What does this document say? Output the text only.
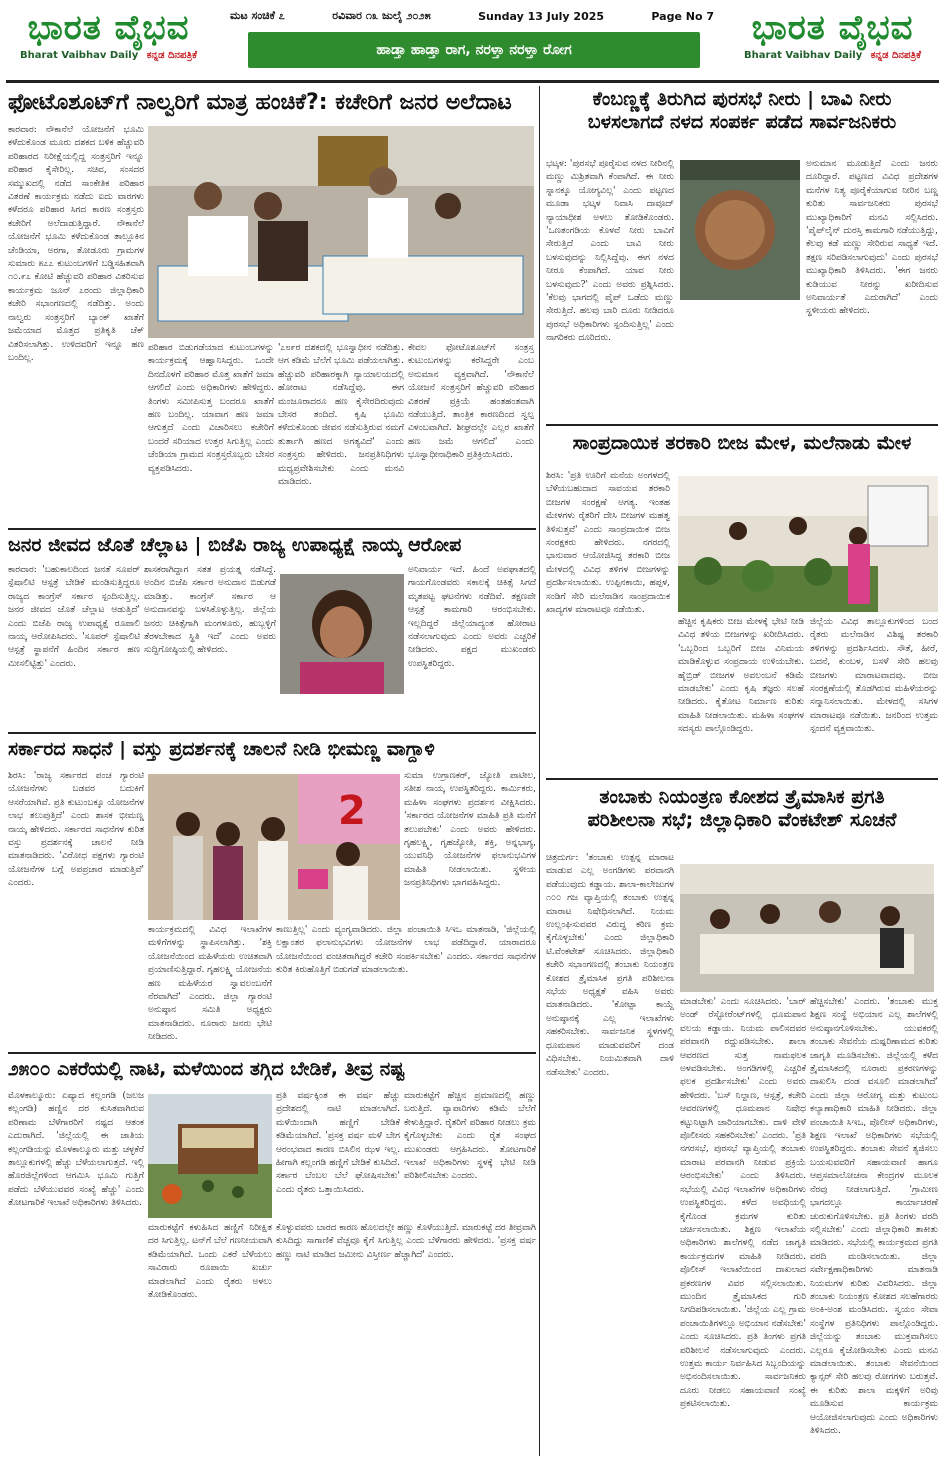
ಭಾರತ ವೈಭವ
Bharat Vaibhav Daily ಕನ್ನಡ ದಿನಪತ್ರಿಕೆ
ಮಟ ಸಂಚಿಕೆ ೭	ರವಿವಾರ ೧೩ ಜುಲೈ ೨೦೨೫	Sunday 13 July 2025	Page No 7
ಹಾಡ್ತಾ ಹಾಡ್ತಾ ರಾಗ, ನರಳ್ತಾ ನರಳ್ತಾ ರೋಗ
ಭಾರತ ವೈಭವ
Bharat Vaibhav Daily ಕನ್ನಡ ದಿನಪತ್ರಿಕೆ
ಫೋಟೊಶೂಟ್‌ಗೆ ನಾಲ್ವರಿಗೆ ಮಾತ್ರ ಹಂಚಿಕೆ?: ಕಚೇರಿಗೆ ಜನರ ಅಲೆದಾಟ
ಕಾರವಾರ: ನೌಕಾನೆಲೆ ಯೋಜನೆಗೆ ಭೂಮಿ ಕಳೆದುಕೊಂಡ ಮೂರು ದಶಕದ ಬಳಿಕ ಹೆಚ್ಚುವರಿ ಪರಿಹಾರದ ನಿರೀಕ್ಷೆಯಲ್ಲಿದ್ದ ಸಂತ್ರಸ್ತರಿಗೆ ಇನ್ನೂ ಪರಿಹಾರ ಕೈಸೇರಿಲ್ಲ. ಸಚಿವ, ಸಂಸದರ ಸಮ್ಮುಖದಲ್ಲಿ ನಡೆದ ಸಾಂಕೇತಿಕ ಪರಿಹಾರ ವಿತರಣೆ ಕಾರ್ಯಕ್ರಮ ನಡೆದು ಐದು ವಾರಗಳು ಕಳೆದರೂ ಪರಿಹಾರ ಸಿಗದ ಕಾರಣ ಸಂತ್ರಸ್ತರು ಕಚೇರಿಗೆ ಅಲೆದಾಡುತ್ತಿದ್ದಾರೆ. ನೌಕಾನೆಲೆ ಯೋಜನೆಗೆ ಭೂಮಿ ಕಳೆದುಕೊಂಡ ತಾಲ್ಲೂಕಿನ ಚೆಂಡಿಯಾ, ಅರಗಾ, ತೋಡೂರು ಗ್ರಾಮಗಳ ಸುಮಾರು ೫೭೭ ಕುಟುಂಬಗಳಿಗೆ ಬಡ್ಡಿಸಹಿತವಾಗಿ ೧೦.೯೭ ಕೋಟಿ ಹೆಚ್ಚುವರಿ ಪರಿಹಾರ ವಿತರಿಸುವ ಕಾರ್ಯಕ್ರಮ ಜೂನ್ ೭ರಂದು ಜಿಲ್ಲಾಧಿಕಾರಿ ಕಚೇರಿ ಸಭಾಂಗಣದಲ್ಲಿ ನಡೆದಿತ್ತು. ಅಂದು ನಾಲ್ವರು ಸಂತ್ರಸ್ತರಿಗೆ ಬ್ಯಾಂಕ್ ಖಾತೆಗೆ ಜಮೆಯಾದ ಮೊತ್ತದ ಪ್ರತಿಕೃತಿ ಚೆಕ್ ವಿತರಿಸಲಾಗಿತ್ತು. ಉಳಿದವರಿಗೆ ಇನ್ನೂ ಹಣ ಬಂದಿಲ್ಲ.
ಪರಿಹಾರ ಬಿಡುಗಡೆಯಾದ ಕುಟುಂಬಗಳನ್ನು ಕಾರ್ಯಕ್ರಮಕ್ಕೆ ಆಹ್ವಾನಿಸಿದ್ದರು. ಒಂದೇ ದಿನದೊಳಗೆ ಪರಿಹಾರ ಮೊತ್ತ ಖಾತೆಗೆ ಜಮಾ ಆಗಲಿದೆ ಎಂದು ಅಧಿಕಾರಿಗಳು ಹೇಳಿದ್ದರು. ತಿಂಗಳು ಸಮೀಪಿಸುತ್ತ ಬಂದರೂ ಖಾತೆಗೆ ಹಣ ಬಂದಿಲ್ಲ. ಯಾವಾಗ ಹಣ ಜಮಾ ಆಗುತ್ತದೆ ಎಂದು ವಿಚಾರಿಸಲು ಕಚೇರಿಗೆ ಬಂದರೆ ಸರಿಯಾದ ಉತ್ತರ ಸಿಗುತ್ತಿಲ್ಲ ಎಂದು ಚೆಂಡಿಯಾ ಗ್ರಾಮದ ಸಂತ್ರಸ್ತರೊಬ್ಬರು ಬೇಸರ ವ್ಯಕ್ತಪಡಿಸಿದರು.
'೭೮೯ರ ದಶಕದಲ್ಲಿ ಭೂಸ್ವಾಧೀನ ನಡೆದಿತ್ತು. ಆಗ ಕಡಿಮೆ ಬೆಲೆಗೆ ಭೂಮಿ ಪಡೆಯಲಾಗಿತ್ತು. ಹೆಚ್ಚುವರಿ ಪರಿಹಾರಕ್ಕಾಗಿ ನ್ಯಾಯಾಲಯದಲ್ಲಿ ಹೋರಾಟ ನಡೆಸಿದ್ದೆವು. ಈಗ ಮಂಜೂರಾದರೂ ಹಣ ಕೈಸೇರದಿರುವುದು ಬೇಸರ ತಂದಿದೆ. ಕೃಷಿ ಭೂಮಿ ಕಳೆದುಕೊಂಡು ಜೀವನ ನಡೆಸುತ್ತಿರುವ ನಮಗೆ ತುರ್ತಾಗಿ ಹಣದ ಅಗತ್ಯವಿದೆ' ಎಂದು ಸಂತ್ರಸ್ತರು ಹೇಳಿದರು. ಜನಪ್ರತಿನಿಧಿಗಳು ಮಧ್ಯಪ್ರವೇಶಿಸಬೇಕು ಎಂದು ಮನವಿ ಮಾಡಿದರು.
ಕೇವಲ ಫೋಟೊಶೂಟ್‌ಗೆ ಸಂತ್ರಸ್ತ ಕುಟುಂಬಗಳನ್ನು ಕರೆಸಿದ್ದರೇ ಎಂಬ ಅನುಮಾನ ವ್ಯಕ್ತವಾಗಿದೆ. 'ನೌಕಾನೆಲೆ ಯೋಜನೆ ಸಂತ್ರಸ್ತರಿಗೆ ಹೆಚ್ಚುವರಿ ಪರಿಹಾರ ವಿತರಣೆ ಪ್ರಕ್ರಿಯೆ ಹಂತಹಂತವಾಗಿ ನಡೆಯುತ್ತಿದೆ. ತಾಂತ್ರಿಕ ಕಾರಣದಿಂದ ಸ್ವಲ್ಪ ವಿಳಂಬವಾಗಿದೆ. ಶೀಘ್ರದಲ್ಲೇ ಎಲ್ಲರ ಖಾತೆಗೆ ಹಣ ಜಮೆ ಆಗಲಿದೆ' ಎಂದು ಭೂಸ್ವಾಧೀನಾಧಿಕಾರಿ ಪ್ರತಿಕ್ರಿಯಿಸಿದರು.
ಜನರ ಜೀವದ ಜೊತೆ ಚೆಲ್ಲಾಟ | ಬಿಜೆಪಿ ರಾಜ್ಯ ಉಪಾಧ್ಯಕ್ಷೆ ನಾಯ್ಕ ಆರೋಪ
ಕಾರವಾರ: 'ಬಹುಕಾಲದಿಂದ ಜನತೆ ಸೂಪರ್ ಸ್ಪೆಷಾಲಿಟಿ ಆಸ್ಪತ್ರೆ ಬೇಡಿಕೆ ಮಂಡಿಸುತ್ತಿದ್ದರೂ ರಾಜ್ಯದ ಕಾಂಗ್ರೆಸ್ ಸರ್ಕಾರ ಸ್ಪಂದಿಸುತ್ತಿಲ್ಲ. ಜನರ ಜೀವದ ಜೊತೆ ಚೆಲ್ಲಾಟ ಆಡುತ್ತಿದೆ' ಎಂದು ಬಿಜೆಪಿ ರಾಜ್ಯ ಉಪಾಧ್ಯಕ್ಷೆ ರೂಪಾಲಿ ನಾಯ್ಕ ಆರೋಪಿಸಿದರು. 'ಸೂಪರ್ ಸ್ಪೆಷಾಲಿಟಿ ಆಸ್ಪತ್ರೆ ಸ್ಥಾಪನೆಗೆ ಹಿಂದಿನ ಸರ್ಕಾರ ಹಣ ಮೀಸಲಿಟ್ಟಿತ್ತು' ಎಂದರು.
ಶಾಸಕರಾಗಿದ್ದಾಗ ಸತತ ಪ್ರಯತ್ನ ನಡೆಸಿದ್ದೆ. ಅಂದಿನ ಬಿಜೆಪಿ ಸರ್ಕಾರ ಅನುದಾನ ಬಿಡುಗಡೆ ಮಾಡಿತ್ತು. ಕಾಂಗ್ರೆಸ್ ಸರ್ಕಾರ ಆ ಅನುದಾನವನ್ನು ಬಳಸಿಕೊಳ್ಳುತ್ತಿಲ್ಲ. ಜಿಲ್ಲೆಯ ಜನರು ಚಿಕಿತ್ಸೆಗಾಗಿ ಮಂಗಳೂರು, ಹುಬ್ಬಳ್ಳಿಗೆ ತೆರಳಬೇಕಾದ ಸ್ಥಿತಿ ಇದೆ' ಎಂದು ಅವರು ಸುದ್ದಿಗೋಷ್ಠಿಯಲ್ಲಿ ಹೇಳಿದರು.
ಅನಿವಾರ್ಯ ಇದೆ. ಹಿಂದೆ ಅಪಘಾತದಲ್ಲಿ ಗಾಯಗೊಂಡವರು ಸಕಾಲಕ್ಕೆ ಚಿಕಿತ್ಸೆ ಸಿಗದೆ ಮೃತಪಟ್ಟ ಘಟನೆಗಳು ನಡೆದಿವೆ. ತಕ್ಷಣವೇ ಆಸ್ಪತ್ರೆ ಕಾಮಗಾರಿ ಆರಂಭಿಸಬೇಕು. ಇಲ್ಲದಿದ್ದರೆ ಜಿಲ್ಲೆಯಾದ್ಯಂತ ಹೋರಾಟ ನಡೆಸಲಾಗುವುದು ಎಂದು ಅವರು ಎಚ್ಚರಿಕೆ ನೀಡಿದರು. ಪಕ್ಷದ ಮುಖಂಡರು ಉಪಸ್ಥಿತರಿದ್ದರು.
ಸರ್ಕಾರದ ಸಾಧನೆ | ವಸ್ತು ಪ್ರದರ್ಶನಕ್ಕೆ ಚಾಲನೆ ನೀಡಿ ಭೀಮಣ್ಣ ವಾಗ್ದಾಳಿ
ಶಿರಸಿ: 'ರಾಜ್ಯ ಸರ್ಕಾರದ ಪಂಚ ಗ್ಯಾರಂಟಿ ಯೋಜನೆಗಳು ಬಡವರ ಬದುಕಿಗೆ ಆಸರೆಯಾಗಿವೆ. ಪ್ರತಿ ಕುಟುಂಬಕ್ಕೂ ಯೋಜನೆಗಳ ಲಾಭ ತಲುಪುತ್ತಿದೆ' ಎಂದು ಶಾಸಕ ಭೀಮಣ್ಣ ನಾಯ್ಕ ಹೇಳಿದರು. ಸರ್ಕಾರದ ಸಾಧನೆಗಳ ಕುರಿತ ವಸ್ತು ಪ್ರದರ್ಶನಕ್ಕೆ ಚಾಲನೆ ನೀಡಿ ಮಾತನಾಡಿದರು. 'ವಿರೋಧ ಪಕ್ಷಗಳು ಗ್ಯಾರಂಟಿ ಯೋಜನೆಗಳ ಬಗ್ಗೆ ಅಪಪ್ರಚಾರ ಮಾಡುತ್ತಿವೆ' ಎಂದರು.
2
ಸುಮಾ ಉಗ್ರಾಣಕರ್, ಜ್ಯೋತಿ ಪಾಟೀಲ, ಸತೀಶ ನಾಯ್ಕ ಉಪಸ್ಥಿತರಿದ್ದರು. ಕಾರ್ಮಿಕರು, ಮಹಿಳಾ ಸಂಘಗಳು ಪ್ರದರ್ಶನ ವೀಕ್ಷಿಸಿದರು. 'ಸರ್ಕಾರದ ಯೋಜನೆಗಳ ಮಾಹಿತಿ ಪ್ರತಿ ಮನೆಗೆ ತಲುಪಬೇಕು' ಎಂದು ಅವರು ಹೇಳಿದರು. ಗೃಹಲಕ್ಷ್ಮಿ, ಗೃಹಜ್ಯೋತಿ, ಶಕ್ತಿ, ಅನ್ನಭಾಗ್ಯ, ಯುವನಿಧಿ ಯೋಜನೆಗಳ ಫಲಾನುಭವಿಗಳ ಮಾಹಿತಿ ನೀಡಲಾಯಿತು. ಸ್ಥಳೀಯ ಜನಪ್ರತಿನಿಧಿಗಳು ಭಾಗವಹಿಸಿದ್ದರು.
ಕಾರ್ಯಕ್ರಮದಲ್ಲಿ ವಿವಿಧ ಇಲಾಖೆಗಳ ಮಳಿಗೆಗಳನ್ನು ಸ್ಥಾಪಿಸಲಾಗಿತ್ತು. 'ಶಕ್ತಿ ಯೋಜನೆಯಿಂದ ಮಹಿಳೆಯರು ಉಚಿತವಾಗಿ ಪ್ರಯಾಣಿಸುತ್ತಿದ್ದಾರೆ. ಗೃಹಲಕ್ಷ್ಮಿ ಯೋಜನೆಯ ಹಣ ಮಹಿಳೆಯರ ಸ್ವಾವಲಂಬನೆಗೆ ನೆರವಾಗಿದೆ' ಎಂದರು. ಜಿಲ್ಲಾ ಗ್ಯಾರಂಟಿ ಅನುಷ್ಠಾನ ಸಮಿತಿ ಅಧ್ಯಕ್ಷರು ಮಾತನಾಡಿದರು. ನೂರಾರು ಜನರು ಭೇಟಿ ನೀಡಿದರು.
ಕಾಣುತ್ತಿಲ್ಲ' ಎಂದು ವ್ಯಂಗ್ಯವಾಡಿದರು. ಜಿಲ್ಲಾ ಪಂಚಾಯಿತಿ ಸಿಇಒ ಮಾತನಾಡಿ, 'ಜಿಲ್ಲೆಯಲ್ಲಿ ಲಕ್ಷಾಂತರ ಫಲಾನುಭವಿಗಳು ಯೋಜನೆಗಳ ಲಾಭ ಪಡೆದಿದ್ದಾರೆ. ಯಾರಾದರೂ ಯೋಜನೆಯಿಂದ ವಂಚಿತರಾಗಿದ್ದರೆ ಕಚೇರಿ ಸಂಪರ್ಕಿಸಬೇಕು' ಎಂದರು. ಸರ್ಕಾರದ ಸಾಧನೆಗಳ ಕುರಿತ ಕಿರುಹೊತ್ತಿಗೆ ಬಿಡುಗಡೆ ಮಾಡಲಾಯಿತು.
೨೫೦೦ ಎಕರೆಯಲ್ಲಿ ನಾಟಿ, ಮಳೆಯಿಂದ ತಗ್ಗಿದ ಬೇಡಿಕೆ, ತೀವ್ರ ನಷ್ಟ
ಮೊಳಕಾಲ್ಮೂರು: ಏಷ್ಯಾದ ಕಲ್ಲಂಗಡಿ (ಜಲಜ ಕಲ್ಲಂಗಡಿ) ಹಣ್ಣಿನ ದರ ಕುಸಿತವಾಗಿರುವ ಪರಿಣಾಮ ಬೆಳೆಗಾರರಿಗೆ ನಷ್ಟದ ಆತಂಕ ಎದುರಾಗಿದೆ. 'ಜಿಲ್ಲೆಯಲ್ಲಿ ಈ ಜಾತಿಯ ಕಲ್ಲಂಗಡಿಯನ್ನು ಮೊಳಕಾಲ್ಮೂರು ಮತ್ತು ಚಳ್ಳಕೆರೆ ತಾಲ್ಲೂಕುಗಳಲ್ಲಿ ಹೆಚ್ಚು ಬೆಳೆಯಲಾಗುತ್ತದೆ. ಇಲ್ಲಿ ಹೊರಜಿಲ್ಲೆಗಳಿಂದ ಆಗಮಿಸಿ ಭೂಮಿ ಗುತ್ತಿಗೆ ಪಡೆದು ಬೆಳೆಯುವವರ ಸಂಖ್ಯೆ ಹೆಚ್ಚು' ಎಂದು ತೋಟಗಾರಿಕೆ ಇಲಾಖೆ ಅಧಿಕಾರಿಗಳು ತಿಳಿಸಿದರು.
ಪ್ರತಿ ವರ್ಷಕ್ಕಿಂತ ಈ ವರ್ಷ ಹೆಚ್ಚು ಪ್ರದೇಶದಲ್ಲಿ ನಾಟಿ ಮಾಡಲಾಗಿದೆ. ಮಳೆಯಿಂದಾಗಿ ಹಣ್ಣಿಗೆ ಬೇಡಿಕೆ ಕಡಿಮೆಯಾಗಿದೆ. 'ಪ್ರಸಕ್ತ ವರ್ಷ ಮಳೆ ಬೇಗ ಆರಂಭವಾದ ಕಾರಣ ಬಿಸಿಲಿನ ಝಳ ಇಲ್ಲ. ಹೀಗಾಗಿ ಕಲ್ಲಂಗಡಿ ಹಣ್ಣಿಗೆ ಬೇಡಿಕೆ ಕುಸಿದಿದೆ. ಸರ್ಕಾರ ಬೆಂಬಲ ಬೆಲೆ ಘೋಷಿಸಬೇಕು' ಎಂದು ರೈತರು ಒತ್ತಾಯಿಸಿದರು.
ಮಾರುಕಟ್ಟೆಗೆ ಹೆಚ್ಚಿನ ಪ್ರಮಾಣದಲ್ಲಿ ಹಣ್ಣು ಬರುತ್ತಿದೆ. ವ್ಯಾಪಾರಿಗಳು ಕಡಿಮೆ ಬೆಲೆಗೆ ಕೇಳುತ್ತಿದ್ದಾರೆ. ರೈತರಿಗೆ ಪರಿಹಾರ ನೀಡಲು ಕ್ರಮ ಕೈಗೊಳ್ಳಬೇಕು ಎಂದು ರೈತ ಸಂಘದ ಮುಖಂಡರು ಆಗ್ರಹಿಸಿದರು. ತೋಟಗಾರಿಕೆ ಇಲಾಖೆ ಅಧಿಕಾರಿಗಳು ಸ್ಥಳಕ್ಕೆ ಭೇಟಿ ನೀಡಿ ಪರಿಶೀಲಿಸಬೇಕು ಎಂದರು.
ಮಾರುಕಟ್ಟೆಗೆ ಕಳುಹಿಸಿದ ಹಣ್ಣಿಗೆ ನಿರೀಕ್ಷಿತ ದರ ಸಿಗುತ್ತಿಲ್ಲ. ಟನ್‌ಗೆ ಬೆಲೆ ಗಣನೀಯವಾಗಿ ಕಡಿಮೆಯಾಗಿದೆ. ಒಂದು ಎಕರೆ ಬೆಳೆಯಲು ಸಾವಿರಾರು ರೂಪಾಯಿ ಖರ್ಚು ಮಾಡಲಾಗಿದೆ ಎಂದು ರೈತರು ಅಳಲು ತೋಡಿಕೊಂಡರು.
ಕೊಳ್ಳುವವರು ಬಾರದ ಕಾರಣ ಹೊಲದಲ್ಲೇ ಹಣ್ಣು ಕೊಳೆಯುತ್ತಿದೆ. ಮಾರುಕಟ್ಟೆ ದರ ತೀವ್ರವಾಗಿ ಕುಸಿದಿದ್ದು ಸಾಗಾಣಿಕೆ ವೆಚ್ಚವೂ ಕೈಗೆ ಸಿಗುತ್ತಿಲ್ಲ ಎಂದು ಬೆಳೆಗಾರರು ಹೇಳಿದರು. 'ಪ್ರಸಕ್ತ ವರ್ಷ ಹಣ್ಣು ನಾಟಿ ಮಾಡಿದ ಜಮೀನು ವಿಸ್ತೀರ್ಣ ಹೆಚ್ಚಾಗಿದೆ' ಎಂದರು.
ಕೆಂಬಣ್ಣಕ್ಕೆ ತಿರುಗಿದ ಪುರಸಭೆ ನೀರು | ಬಾವಿ ನೀರು
ಬಳಸಲಾಗದೆ ನಳದ ಸಂಪರ್ಕ ಪಡೆದ ಸಾರ್ವಜನಿಕರು
ಭಟ್ಕಳ: 'ಪುರಸಭೆ ಪೂರೈಸುವ ನಳದ ನೀರಿನಲ್ಲಿ ಮಣ್ಣು ಮಿಶ್ರಿತವಾಗಿ ಕೆಂಪಾಗಿದೆ. ಈ ನೀರು ಸ್ನಾನಕ್ಕೂ ಯೋಗ್ಯವಿಲ್ಲ' ಎಂದು ಪಟ್ಟಣದ ಮೂಡಾ ಭಟ್ಕಳ ನಿವಾಸಿ ದಾವೂದ್ ನ್ಯಾಯಾಧೀಶ ಅಳಲು ತೋಡಿಕೊಂಡರು. 'ಒಣತಂಗಡಿಯ ಕೊಳವೆ ನೀರು ಬಾವಿಗೆ ಸೇರುತ್ತಿದೆ ಎಂದು ಬಾವಿ ನೀರು ಬಳಸುವುದನ್ನು ನಿಲ್ಲಿಸಿದ್ದೆವು. ಈಗ ನಳದ ನೀರೂ ಕೆಂಪಾಗಿದೆ. ಯಾವ ನೀರು ಬಳಸುವುದು?' ಎಂದು ಅವರು ಪ್ರಶ್ನಿಸಿದರು. 'ಕೆಲವು ಭಾಗದಲ್ಲಿ ಪೈಪ್ ಒಡೆದು ಮಣ್ಣು ಸೇರುತ್ತಿದೆ. ಹಲವು ಬಾರಿ ದೂರು ನೀಡಿದರೂ ಪುರಸಭೆ ಅಧಿಕಾರಿಗಳು ಸ್ಪಂದಿಸುತ್ತಿಲ್ಲ' ಎಂದು ನಾಗರಿಕರು ದೂರಿದರು.
ಅನುಮಾನ ಮೂಡುತ್ತಿದೆ ಎಂದು ಜನರು ದೂರಿದ್ದಾರೆ. ಪಟ್ಟಣದ ವಿವಿಧ ಪ್ರದೇಶಗಳ ಮನೆಗಳ ನಿತ್ಯ ಪೂರೈಕೆಯಾಗುವ ನೀರಿನ ಬಣ್ಣ ಕುರಿತು ಸಾರ್ವಜನಿಕರು ಪುರಸಭೆ ಮುಖ್ಯಾಧಿಕಾರಿಗೆ ಮನವಿ ಸಲ್ಲಿಸಿದರು. 'ಪೈಪ್‌ಲೈನ್ ದುರಸ್ತಿ ಕಾಮಗಾರಿ ನಡೆಯುತ್ತಿದ್ದು, ಕೆಲವು ಕಡೆ ಮಣ್ಣು ಸೇರಿರುವ ಸಾಧ್ಯತೆ ಇದೆ. ತಕ್ಷಣ ಸರಿಪಡಿಸಲಾಗುವುದು' ಎಂದು ಪುರಸಭೆ ಮುಖ್ಯಾಧಿಕಾರಿ ತಿಳಿಸಿದರು. 'ಈಗ ಜನರು ಕುಡಿಯುವ ನೀರನ್ನು ಖರೀದಿಸುವ ಅನಿವಾರ್ಯತೆ ಎದುರಾಗಿದೆ' ಎಂದು ಸ್ಥಳೀಯರು ಹೇಳಿದರು.
ಸಾಂಪ್ರದಾಯಿಕ ತರಕಾರಿ ಬೀಜ ಮೇಳ, ಮಲೆನಾಡು ಮೇಳ
ಶಿರಸಿ: 'ಪ್ರತಿ ಊರಿಗೆ ಮನೆಯ ಅಂಗಳದಲ್ಲಿ ಬೆಳೆಯಬಹುದಾದ ಸಾವಯವ ತರಕಾರಿ ಬೀಜಗಳ ಸಂರಕ್ಷಣೆ ಅಗತ್ಯ. ಇಂತಹ ಮೇಳಗಳು ರೈತರಿಗೆ ದೇಸಿ ಬೀಜಗಳ ಮಹತ್ವ ತಿಳಿಸುತ್ತವೆ' ಎಂದು ಸಾಂಪ್ರದಾಯಿಕ ಬೀಜ ಸಂರಕ್ಷಕರು ಹೇಳಿದರು. ನಗರದಲ್ಲಿ ಭಾನುವಾರ ಆಯೋಜಿಸಿದ್ದ ತರಕಾರಿ ಬೀಜ ಮೇಳದಲ್ಲಿ ವಿವಿಧ ತಳಿಗಳ ಬೀಜಗಳನ್ನು ಪ್ರದರ್ಶಿಸಲಾಯಿತು. ಉಪ್ಪಿನಕಾಯಿ, ಹಪ್ಪಳ, ಸಂಡಿಗೆ ಸೇರಿ ಮಲೆನಾಡಿನ ಸಾಂಪ್ರದಾಯಿಕ ಖಾದ್ಯಗಳ ಮಾರಾಟವೂ ನಡೆಯಿತು.
ಹೆಚ್ಚಿನ ಕೃಷಿಕರು ಬೀಜ ಮೇಳಕ್ಕೆ ಭೇಟಿ ನೀಡಿ ವಿವಿಧ ತಳಿಯ ಬೀಜಗಳನ್ನು ಖರೀದಿಸಿದರು. 'ಒಬ್ಬರಿಂದ ಒಬ್ಬರಿಗೆ ಬೀಜ ವಿನಿಮಯ ಮಾಡಿಕೊಳ್ಳುವ ಸಂಪ್ರದಾಯ ಉಳಿಯಬೇಕು. ಹೈಬ್ರಿಡ್ ಬೀಜಗಳ ಅವಲಂಬನೆ ಕಡಿಮೆ ಮಾಡಬೇಕು' ಎಂದು ಕೃಷಿ ತಜ್ಞರು ಸಲಹೆ ನೀಡಿದರು. ಕೈತೋಟ ನಿರ್ಮಾಣ ಕುರಿತು ಮಾಹಿತಿ ನೀಡಲಾಯಿತು. ಮಹಿಳಾ ಸಂಘಗಳ ಸದಸ್ಯರು ಪಾಲ್ಗೊಂಡಿದ್ದರು.
ಜಿಲ್ಲೆಯ ವಿವಿಧ ತಾಲ್ಲೂಕುಗಳಿಂದ ಬಂದ ರೈತರು ಮಲೆನಾಡಿನ ವಿಶಿಷ್ಟ ತರಕಾರಿ ತಳಿಗಳನ್ನು ಪ್ರದರ್ಶಿಸಿದರು. ಸೌತೆ, ಹೀರೆ, ಬದನೆ, ಕುಂಬಳ, ಬಸಳೆ ಸೇರಿ ಹಲವು ಬೀಜಗಳು ಮಾರಾಟವಾದವು. ಬೀಜ ಸಂರಕ್ಷಣೆಯಲ್ಲಿ ತೊಡಗಿರುವ ಮಹಿಳೆಯರನ್ನು ಸನ್ಮಾನಿಸಲಾಯಿತು. ಮೇಳದಲ್ಲಿ ಸಸಿಗಳ ಮಾರಾಟವೂ ನಡೆಯಿತು. ಜನರಿಂದ ಉತ್ತಮ ಸ್ಪಂದನೆ ವ್ಯಕ್ತವಾಯಿತು.
ತಂಬಾಕು ನಿಯಂತ್ರಣ ಕೋಶದ ತ್ರೈಮಾಸಿಕ ಪ್ರಗತಿ
ಪರಿಶೀಲನಾ ಸಭೆ; ಜಿಲ್ಲಾಧಿಕಾರಿ ವೆಂಕಟೇಶ್ ಸೂಚನೆ
ಚಿತ್ರದುರ್ಗ: 'ತಂಬಾಕು ಉತ್ಪನ್ನ ಮಾರಾಟ ಮಾಡುವ ಎಲ್ಲ ಅಂಗಡಿಗಳು ಪರವಾನಗಿ ಪಡೆಯುವುದು ಕಡ್ಡಾಯ. ಶಾಲಾ-ಕಾಲೇಜುಗಳ ೧೦೦ ಗಜ ವ್ಯಾಪ್ತಿಯಲ್ಲಿ ತಂಬಾಕು ಉತ್ಪನ್ನ ಮಾರಾಟ ನಿಷೇಧಿಸಲಾಗಿದೆ. ನಿಯಮ ಉಲ್ಲಂಘಿಸುವವರ ವಿರುದ್ಧ ಕಠಿಣ ಕ್ರಮ ಕೈಗೊಳ್ಳಬೇಕು' ಎಂದು ಜಿಲ್ಲಾಧಿಕಾರಿ ಟಿ.ವೆಂಕಟೇಶ್ ಸೂಚಿಸಿದರು. ಜಿಲ್ಲಾಧಿಕಾರಿ ಕಚೇರಿ ಸಭಾಂಗಣದಲ್ಲಿ ತಂಬಾಕು ನಿಯಂತ್ರಣ ಕೋಶದ ತ್ರೈಮಾಸಿಕ ಪ್ರಗತಿ ಪರಿಶೀಲನಾ ಸಭೆಯ ಅಧ್ಯಕ್ಷತೆ ವಹಿಸಿ ಅವರು ಮಾತನಾಡಿದರು. 'ಕೋಟ್ಪಾ ಕಾಯ್ದೆ ಅನುಷ್ಠಾನಕ್ಕೆ ಎಲ್ಲ ಇಲಾಖೆಗಳು ಸಹಕರಿಸಬೇಕು. ಸಾರ್ವಜನಿಕ ಸ್ಥಳಗಳಲ್ಲಿ ಧೂಮಪಾನ ಮಾಡುವವರಿಗೆ ದಂಡ ವಿಧಿಸಬೇಕು. ನಿಯಮಿತವಾಗಿ ದಾಳಿ ನಡೆಸಬೇಕು' ಎಂದರು.
ಮಾಡಬೇಕು' ಎಂದು ಸೂಚಿಸಿದರು. 'ಬಾರ್ ಅಂಡ್ ರೆಸ್ಟೋರೆಂಟ್‌ಗಳಲ್ಲಿ ಧೂಮಪಾನ ವಲಯ ಕಡ್ಡಾಯ. ನಿಯಮ ಪಾಲಿಸದವರ ಪರವಾನಗಿ ರದ್ದುಪಡಿಸಬೇಕು. ಶಾಲಾ ಆವರಣದ ಸುತ್ತ ನಾಮಫಲಕ ಅಳವಡಿಸಬೇಕು. ಅಂಗಡಿಗಳಲ್ಲಿ ಎಚ್ಚರಿಕೆ ಫಲಕ ಪ್ರದರ್ಶಿಸಬೇಕು' ಎಂದು ಅವರು ಹೇಳಿದರು. 'ಬಸ್ ನಿಲ್ದಾಣ, ಆಸ್ಪತ್ರೆ, ಕಚೇರಿ ಆವರಣಗಳಲ್ಲಿ ಧೂಮಪಾನ ನಿಷೇಧ ಕಟ್ಟುನಿಟ್ಟಾಗಿ ಜಾರಿಯಾಗಬೇಕು. ದಾಳಿ ವೇಳೆ ಪೊಲೀಸರು ಸಹಕರಿಸಬೇಕು' ಎಂದರು. 'ಪ್ರತಿ ನಗರಸಭೆ, ಪುರಸಭೆ ವ್ಯಾಪ್ತಿಯಲ್ಲಿ ತಂಬಾಕು ಮಾರಾಟ ಪರವಾನಗಿ ನೀಡುವ ಪ್ರಕ್ರಿಯೆ ಆರಂಭಿಸಬೇಕು' ಎಂದು ತಿಳಿಸಿದರು. ಸಭೆಯಲ್ಲಿ ವಿವಿಧ ಇಲಾಖೆಗಳ ಅಧಿಕಾರಿಗಳು ಉಪಸ್ಥಿತರಿದ್ದರು. ಕಳೆದ ಅವಧಿಯಲ್ಲಿ ಕೈಗೊಂಡ ಕ್ರಮಗಳ ಕುರಿತು ಚರ್ಚಿಸಲಾಯಿತು. ಶಿಕ್ಷಣ ಇಲಾಖೆಯ ಅಧಿಕಾರಿಗಳು ಶಾಲೆಗಳಲ್ಲಿ ನಡೆದ ಜಾಗೃತಿ ಕಾರ್ಯಕ್ರಮಗಳ ಮಾಹಿತಿ ನೀಡಿದರು. ಪೊಲೀಸ್ ಇಲಾಖೆಯಿಂದ ದಾಖಲಾದ ಪ್ರಕರಣಗಳ ವಿವರ ಸಲ್ಲಿಸಲಾಯಿತು. ಮುಂದಿನ ತ್ರೈಮಾಸಿಕದ ಗುರಿ ನಿಗದಿಪಡಿಸಲಾಯಿತು. 'ಜಿಲ್ಲೆಯ ಎಲ್ಲ ಗ್ರಾಮ ಪಂಚಾಯಿತಿಗಳಲ್ಲೂ ಅಭಿಯಾನ ನಡೆಸಬೇಕು' ಎಂದು ಸೂಚಿಸಿದರು. ಪ್ರತಿ ತಿಂಗಳು ಪ್ರಗತಿ ಪರಿಶೀಲನೆ ನಡೆಸಲಾಗುವುದು ಎಂದರು. ಉತ್ತಮ ಕಾರ್ಯ ನಿರ್ವಹಿಸಿದ ಸಿಬ್ಬಂದಿಯನ್ನು ಅಭಿನಂದಿಸಲಾಯಿತು. ಸಾರ್ವಜನಿಕರು ದೂರು ನೀಡಲು ಸಹಾಯವಾಣಿ ಸಂಖ್ಯೆ ಪ್ರಕಟಿಸಲಾಯಿತು.
ಹೆಚ್ಚಿಸಬೇಕು' ಎಂದರು. 'ತಂಬಾಕು ಮುಕ್ತ ಶಿಕ್ಷಣ ಸಂಸ್ಥೆ ಅಭಿಯಾನ ಎಲ್ಲ ಶಾಲೆಗಳಲ್ಲಿ ಅನುಷ್ಠಾನಗೊಳಿಸಬೇಕು. ಯುವಕರಲ್ಲಿ ತಂಬಾಕು ಸೇವನೆಯ ದುಷ್ಪರಿಣಾಮದ ಕುರಿತು ಜಾಗೃತಿ ಮೂಡಿಸಬೇಕು. ಜಿಲ್ಲೆಯಲ್ಲಿ ಕಳೆದ ತ್ರೈಮಾಸಿಕದಲ್ಲಿ ನೂರಾರು ಪ್ರಕರಣಗಳನ್ನು ದಾಖಲಿಸಿ ದಂಡ ವಸೂಲಿ ಮಾಡಲಾಗಿದೆ' ಎಂದು ಜಿಲ್ಲಾ ಆರೋಗ್ಯ ಮತ್ತು ಕುಟುಂಬ ಕಲ್ಯಾಣಾಧಿಕಾರಿ ಮಾಹಿತಿ ನೀಡಿದರು. ಜಿಲ್ಲಾ ಪಂಚಾಯಿತಿ ಸಿಇಒ, ಪೊಲೀಸ್ ಅಧಿಕಾರಿಗಳು, ಶಿಕ್ಷಣ ಇಲಾಖೆ ಅಧಿಕಾರಿಗಳು ಸಭೆಯಲ್ಲಿ ಉಪಸ್ಥಿತರಿದ್ದರು. ತಂಬಾಕು ಸೇವನೆ ತ್ಯಜಿಸಲು ಬಯಸುವವರಿಗೆ ಸಹಾಯವಾಣಿ ಹಾಗೂ ಆಪ್ತಸಮಾಲೋಚನಾ ಕೇಂದ್ರಗಳ ಮೂಲಕ ನೆರವು ನೀಡಲಾಗುತ್ತಿದೆ. 'ಗ್ರಾಮೀಣ ಭಾಗದಲ್ಲೂ ಕಾರ್ಯಾಚರಣೆ ಚುರುಕುಗೊಳಿಸಬೇಕು. ಪ್ರತಿ ತಿಂಗಳು ವರದಿ ಸಲ್ಲಿಸಬೇಕು' ಎಂದು ಜಿಲ್ಲಾಧಿಕಾರಿ ತಾಕೀತು ಮಾಡಿದರು. ಸಭೆಯಲ್ಲಿ ಕಾರ್ಯಕ್ರಮದ ಪ್ರಗತಿ ವರದಿ ಮಂಡಿಸಲಾಯಿತು. ಜಿಲ್ಲಾ ಸರ್ವೇಕ್ಷಣಾಧಿಕಾರಿಗಳು ಮಾತನಾಡಿ ನಿಯಮಗಳ ಕುರಿತು ವಿವರಿಸಿದರು. ಜಿಲ್ಲಾ ತಂಬಾಕು ನಿಯಂತ್ರಣ ಕೋಶದ ಸಲಹೆಗಾರರು ಅಂಕಿ-ಅಂಶ ಮಂಡಿಸಿದರು. ಸ್ವಯಂ ಸೇವಾ ಸಂಸ್ಥೆಗಳ ಪ್ರತಿನಿಧಿಗಳು ಪಾಲ್ಗೊಂಡಿದ್ದರು. ಜಿಲ್ಲೆಯನ್ನು ತಂಬಾಕು ಮುಕ್ತವಾಗಿಸಲು ಎಲ್ಲರೂ ಕೈಜೋಡಿಸಬೇಕು ಎಂದು ಮನವಿ ಮಾಡಲಾಯಿತು. ತಂಬಾಕು ಸೇವನೆಯಿಂದ ಕ್ಯಾನ್ಸರ್ ಸೇರಿ ಹಲವು ರೋಗಗಳು ಬರುತ್ತವೆ. ಈ ಕುರಿತು ಶಾಲಾ ಮಕ್ಕಳಿಗೆ ಅರಿವು ಮೂಡಿಸುವ ಕಾರ್ಯಕ್ರಮ ಆಯೋಜಿಸಲಾಗುವುದು ಎಂದು ಅಧಿಕಾರಿಗಳು ತಿಳಿಸಿದರು.
